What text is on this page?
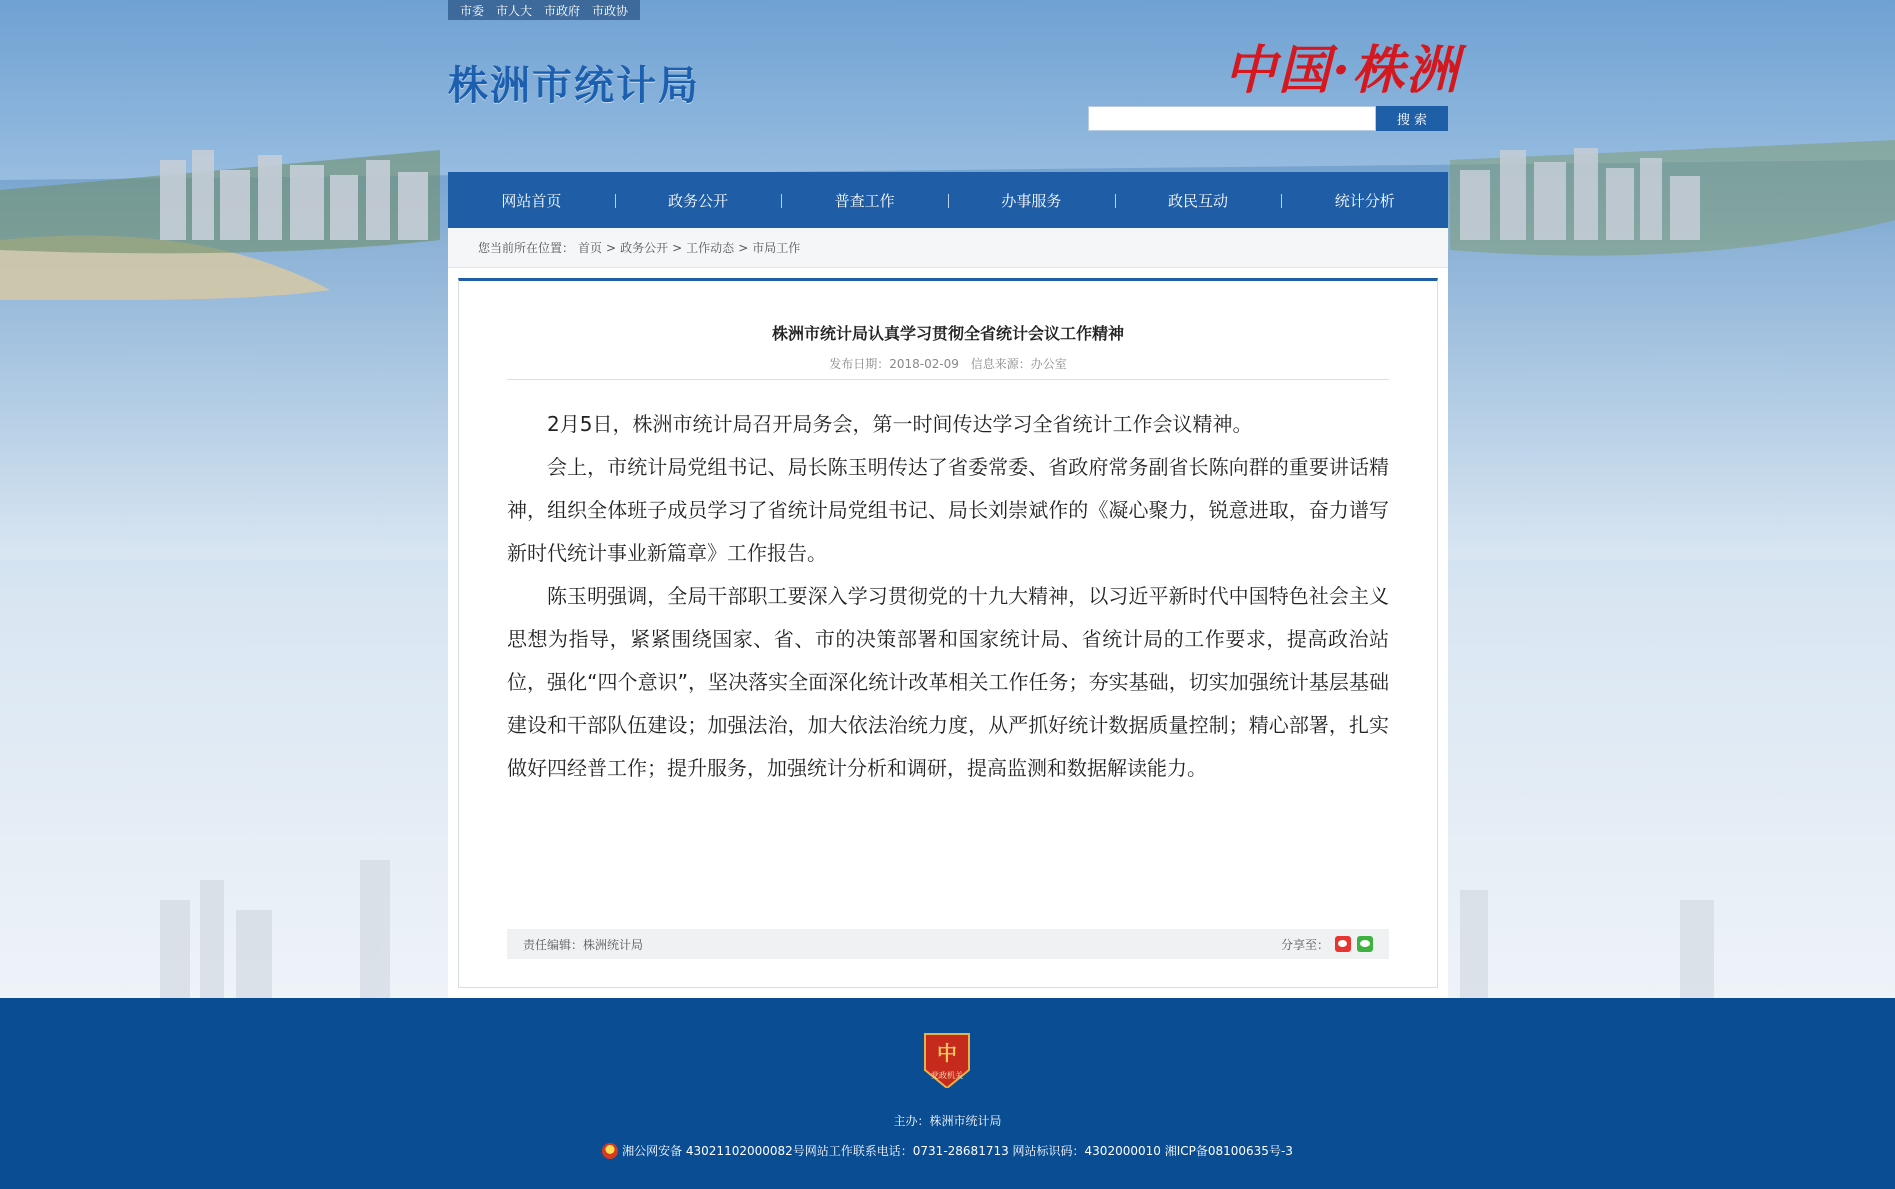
市委 市人大 市政府 市政协
株洲市统计局	中国·株洲
搜 索
网站首页	政务公开	普查工作	办事服务	政民互动	统计分析
您当前所在位置： 首页 > 政务公开 > 工作动态 > 市局工作
株洲市统计局认真学习贯彻全省统计会议工作精神
发布日期：2018-02-09 信息来源：办公室

2月5日，株洲市统计局召开局务会，第一时间传达学习全省统计工作会议精神。

会上，市统计局党组书记、局长陈玉明传达了省委常委、省政府常务副省长陈向群的重要讲话精神，组织全体班子成员学习了省统计局党组书记、局长刘崇斌作的《凝心聚力，锐意进取，奋力谱写新时代统计事业新篇章》工作报告。

陈玉明强调，全局干部职工要深入学习贯彻党的十九大精神，以习近平新时代中国特色社会主义思想为指导，紧紧围绕国家、省、市的决策部署和国家统计局、省统计局的工作要求，提高政治站位，强化“四个意识”，坚决落实全面深化统计改革相关工作任务；夯实基础，切实加强统计基层基础建设和干部队伍建设；加强法治，加大依法治统力度，从严抓好统计数据质量控制；精心部署，扎实做好四经普工作；提升服务，加强统计分析和调研，提高监测和数据解读能力。

责任编辑：株洲统计局	分享至：
中
党政机关
主办：株洲市统计局
湘公网安备 43021102000082号网站工作联系电话：0731-28681713 网站标识码：4302000010 湘ICP备08100635号-3
